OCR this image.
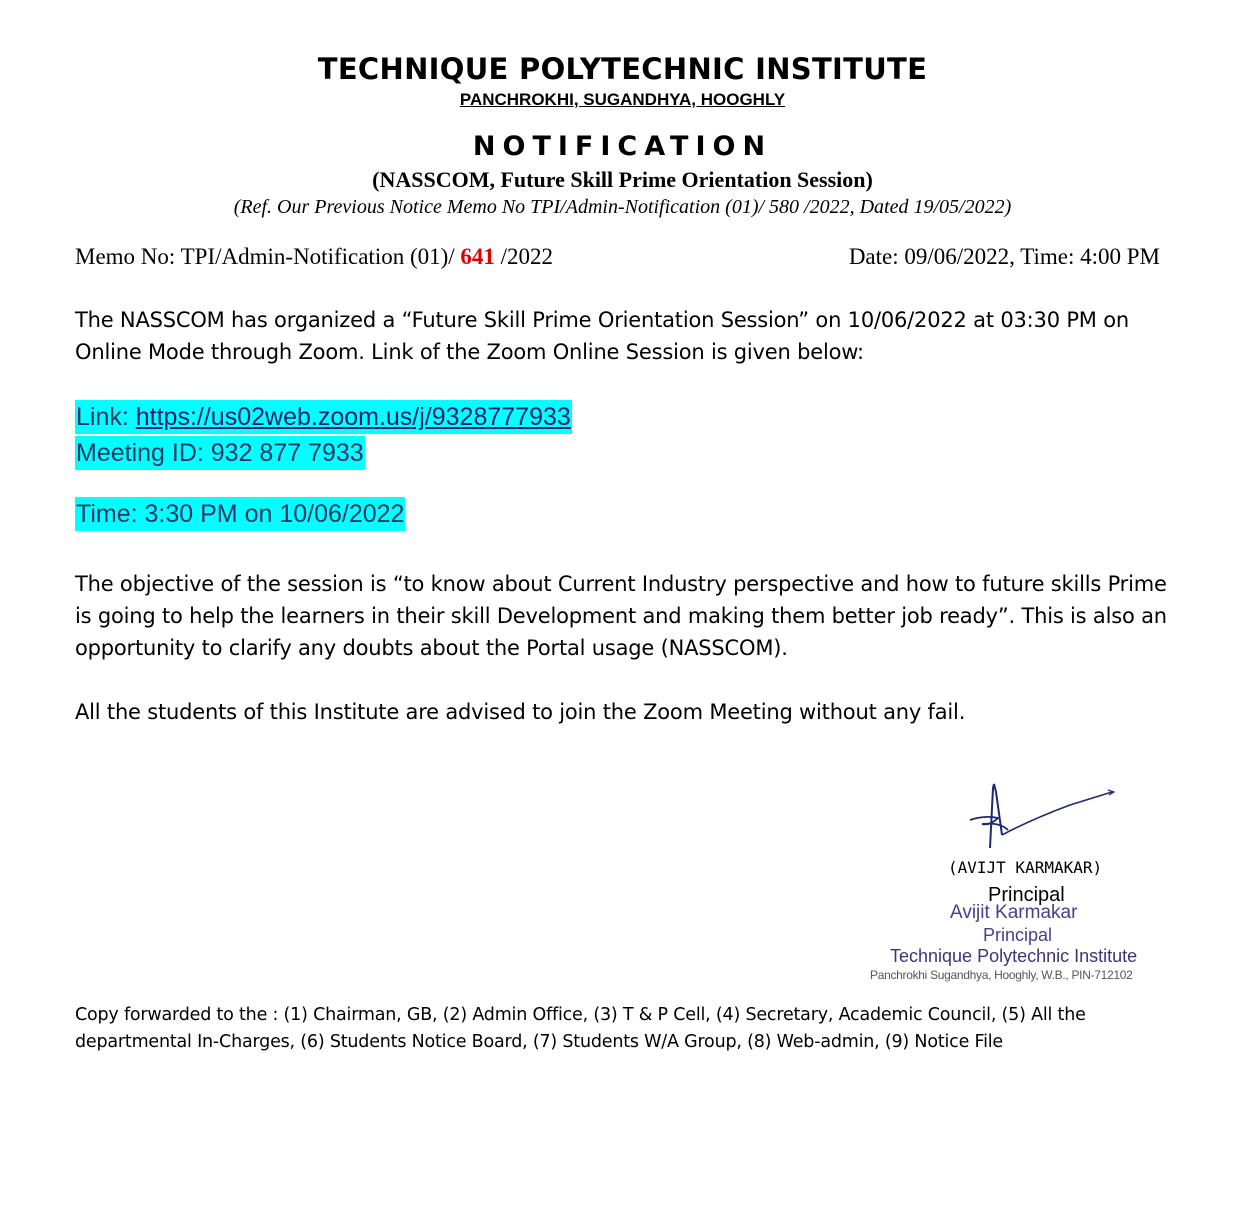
TECHNIQUE POLYTECHNIC INSTITUTE
PANCHROKHI, SUGANDHYA, HOOGHLY
NOTIFICATION
(NASSCOM, Future Skill Prime Orientation Session)
(Ref. Our Previous Notice Memo No TPI/Admin-Notification (01)/ 580 /2022, Dated 19/05/2022)
Memo No: TPI/Admin-Notification (01)/ 641 /2022	Date: 09/06/2022, Time: 4:00 PM
The NASSCOM has organized a “Future Skill Prime Orientation Session” on 10/06/2022 at 03:30 PM on Online Mode through Zoom. Link of the Zoom Online Session is given below:
Link: https://us02web.zoom.us/j/9328777933
Meeting ID: 932 877 7933
Time: 3:30 PM on 10/06/2022
The objective of the session is “to know about Current Industry perspective and how to future skills Prime is going to help the learners in their skill Development and making them better job ready”. This is also an opportunity to clarify any doubts about the Portal usage (NASSCOM).
All the students of this Institute are advised to join the Zoom Meeting without any fail.
(AVIJT KARMAKAR)
Principal
Avijit Karmakar
Principal
Technique Polytechnic Institute
Panchrokhi Sugandhya, Hooghly, W.B., PIN-712102
Copy forwarded to the : (1) Chairman, GB, (2) Admin Office, (3) T & P Cell, (4) Secretary, Academic Council, (5) All the departmental In-Charges, (6) Students Notice Board, (7) Students W/A Group, (8) Web-admin, (9) Notice File
